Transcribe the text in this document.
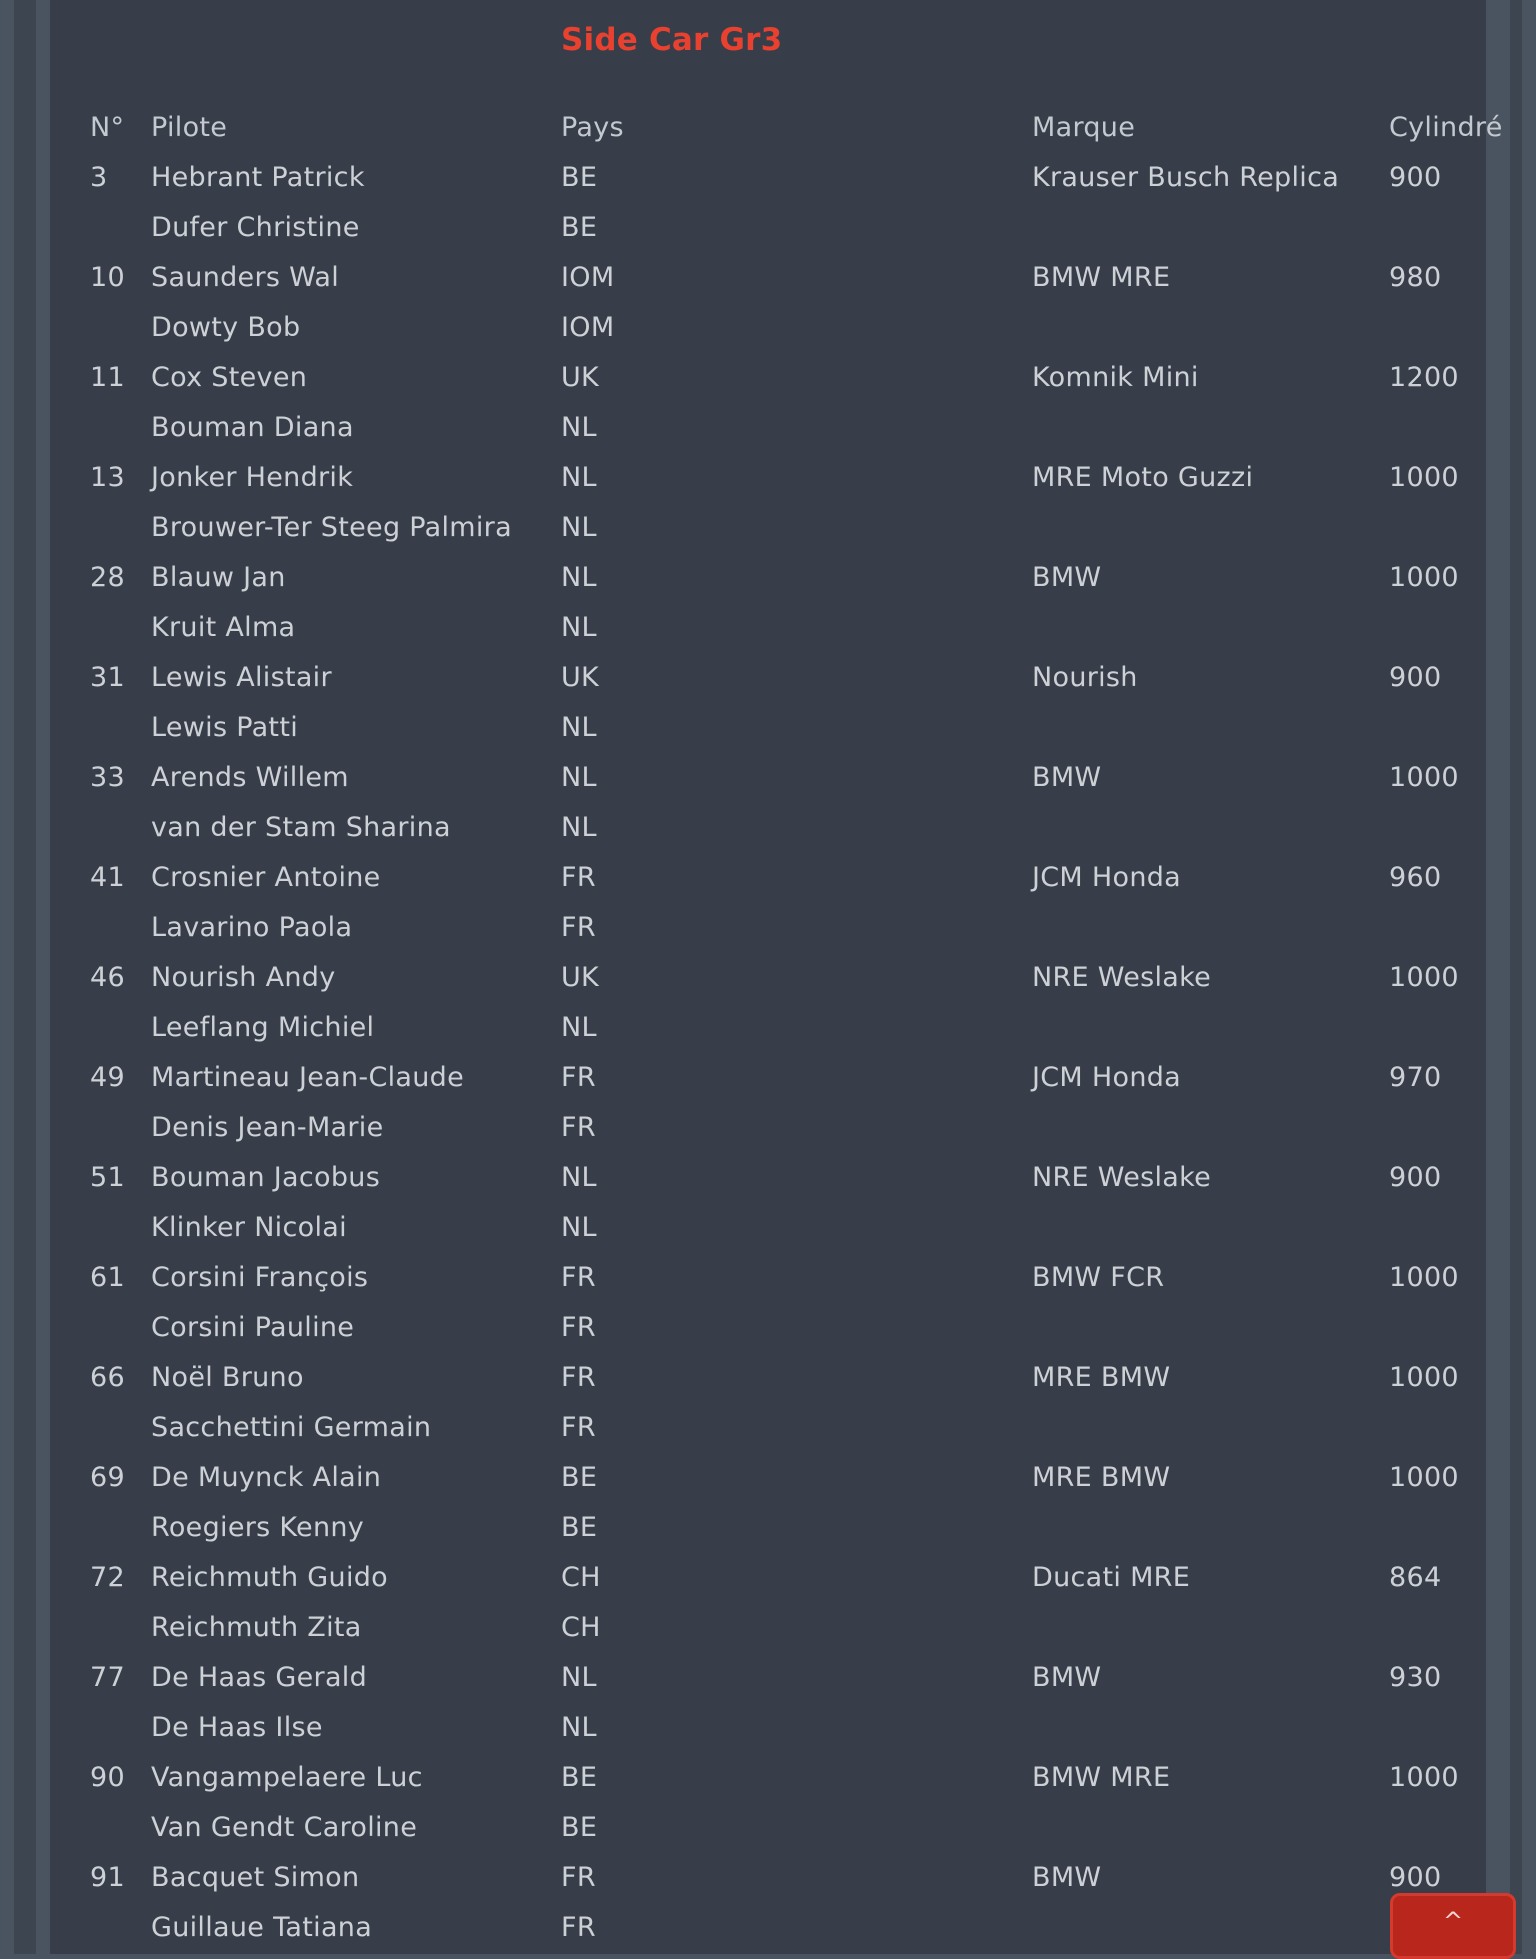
Side Car Gr3
N° Pilote	Pays	Marque	Cylindré
3 Hebrant Patrick	BE	Krauser Busch Replica 900
Dufer Christine	BE
10 Saunders Wal	IOM	BMW MRE	980
Dowty Bob	IOM
11 Cox Steven	UK	Komnik Mini	1200
Bouman Diana	NL
13 Jonker Hendrik	NL	MRE Moto Guzzi	1000
Brouwer-Ter Steeg Palmira NL
28 Blauw Jan	NL	BMW	1000
Kruit Alma	NL
31 Lewis Alistair	UK	Nourish	900
Lewis Patti	NL
33 Arends Willem	NL	BMW	1000
van der Stam Sharina	NL
41 Crosnier Antoine	FR	JCM Honda	960
Lavarino Paola	FR
46 Nourish Andy	UK	NRE Weslake	1000
Leeflang Michiel	NL
49 Martineau Jean-Claude	FR	JCM Honda	970
Denis Jean-Marie	FR
51 Bouman Jacobus	NL	NRE Weslake	900
Klinker Nicolai	NL
61 Corsini François	FR	BMW FCR	1000
Corsini Pauline	FR
66 Noël Bruno	FR	MRE BMW	1000
Sacchettini Germain	FR
69 De Muynck Alain	BE	MRE BMW	1000
Roegiers Kenny	BE
72 Reichmuth Guido	CH	Ducati MRE	864
Reichmuth Zita	CH
77 De Haas Gerald	NL	BMW	930
De Haas Ilse	NL
90 Vangampelaere Luc	BE	BMW MRE	1000
Van Gendt Caroline	BE
91 Bacquet Simon	FR	BMW	900
Guillaue Tatiana	FR	^
